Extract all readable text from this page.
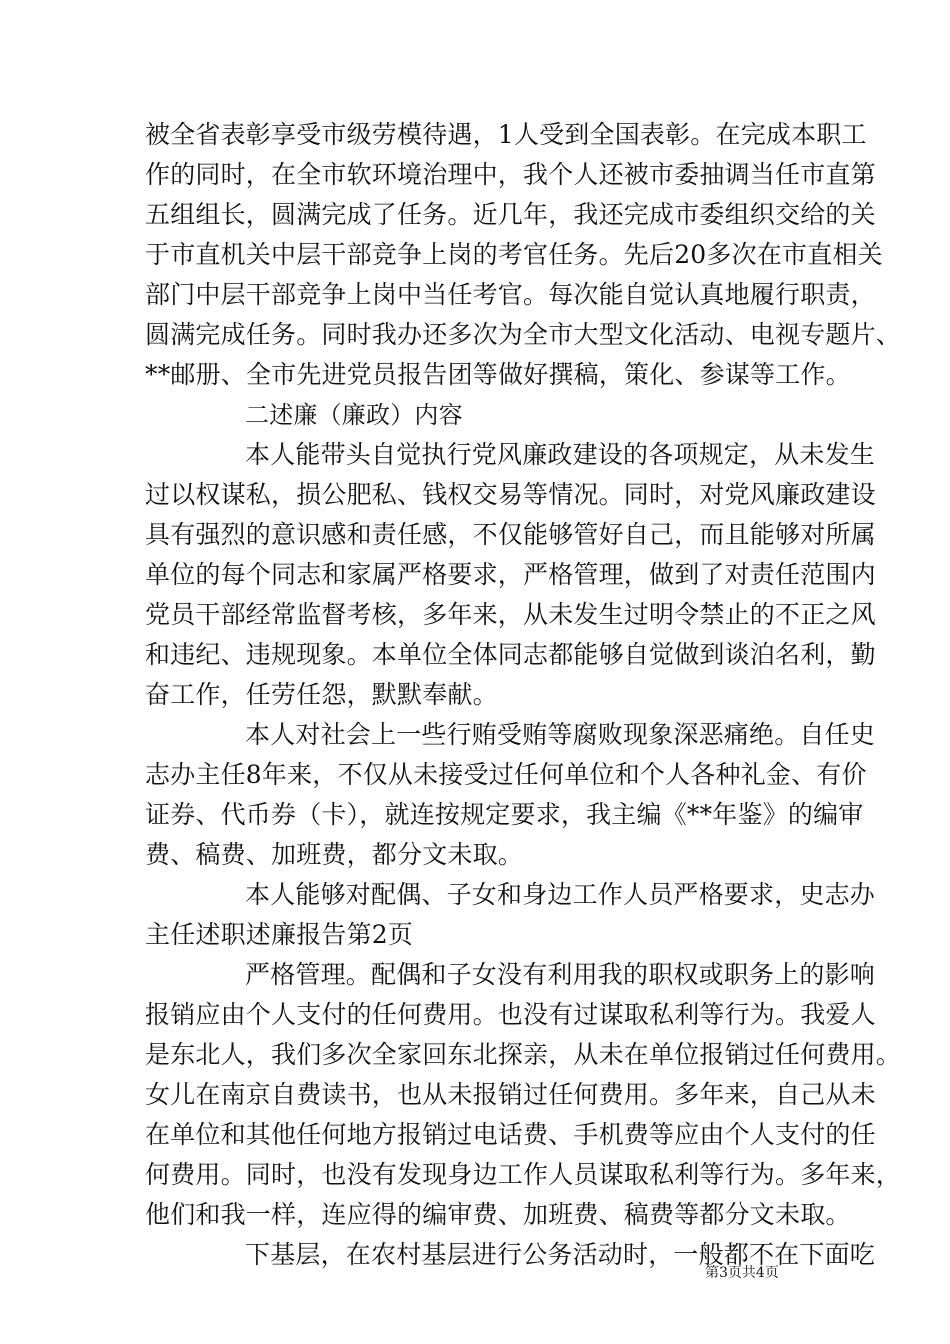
被全省表彰享受市级劳模待遇，1人受到全国表彰。在完成本职工
作的同时，在全市软环境治理中，我个人还被市委抽调当任市直第
五组组长，圆满完成了任务。近几年，我还完成市委组织交给的关
于市直机关中层干部竞争上岗的考官任务。先后20多次在市直相关
部门中层干部竞争上岗中当任考官。每次能自觉认真地履行职责，
圆满完成任务。同时我办还多次为全市大型文化活动、电视专题片、
**邮册、全市先进党员报告团等做好撰稿，策化、参谋等工作。
二述廉（廉政）内容
本人能带头自觉执行党风廉政建设的各项规定，从未发生
过以权谋私，损公肥私、钱权交易等情况。同时，对党风廉政建设
具有强烈的意识感和责任感，不仅能够管好自己，而且能够对所属
单位的每个同志和家属严格要求，严格管理，做到了对责任范围内
党员干部经常监督考核，多年来，从未发生过明令禁止的不正之风
和违纪、违规现象。本单位全体同志都能够自觉做到谈泊名利，勤
奋工作，任劳任怨，默默奉献。
本人对社会上一些行贿受贿等腐败现象深恶痛绝。自任史
志办主任8年来，不仅从未接受过任何单位和个人各种礼金、有价
证券、代币券（卡），就连按规定要求，我主编《**年鉴》的编审
费、稿费、加班费，都分文未取。
本人能够对配偶、子女和身边工作人员严格要求，史志办
主任述职述廉报告第2页
严格管理。配偶和子女没有利用我的职权或职务上的影响
报销应由个人支付的任何费用。也没有过谋取私利等行为。我爱人
是东北人，我们多次全家回东北探亲，从未在单位报销过任何费用。
女儿在南京自费读书，也从未报销过任何费用。多年来，自己从未
在单位和其他任何地方报销过电话费、手机费等应由个人支付的任
何费用。同时，也没有发现身边工作人员谋取私利等行为。多年来，
他们和我一样，连应得的编审费、加班费、稿费等都分文未取。
下基层，在农村基层进行公务活动时，一般都不在下面吃
第3页共4页
